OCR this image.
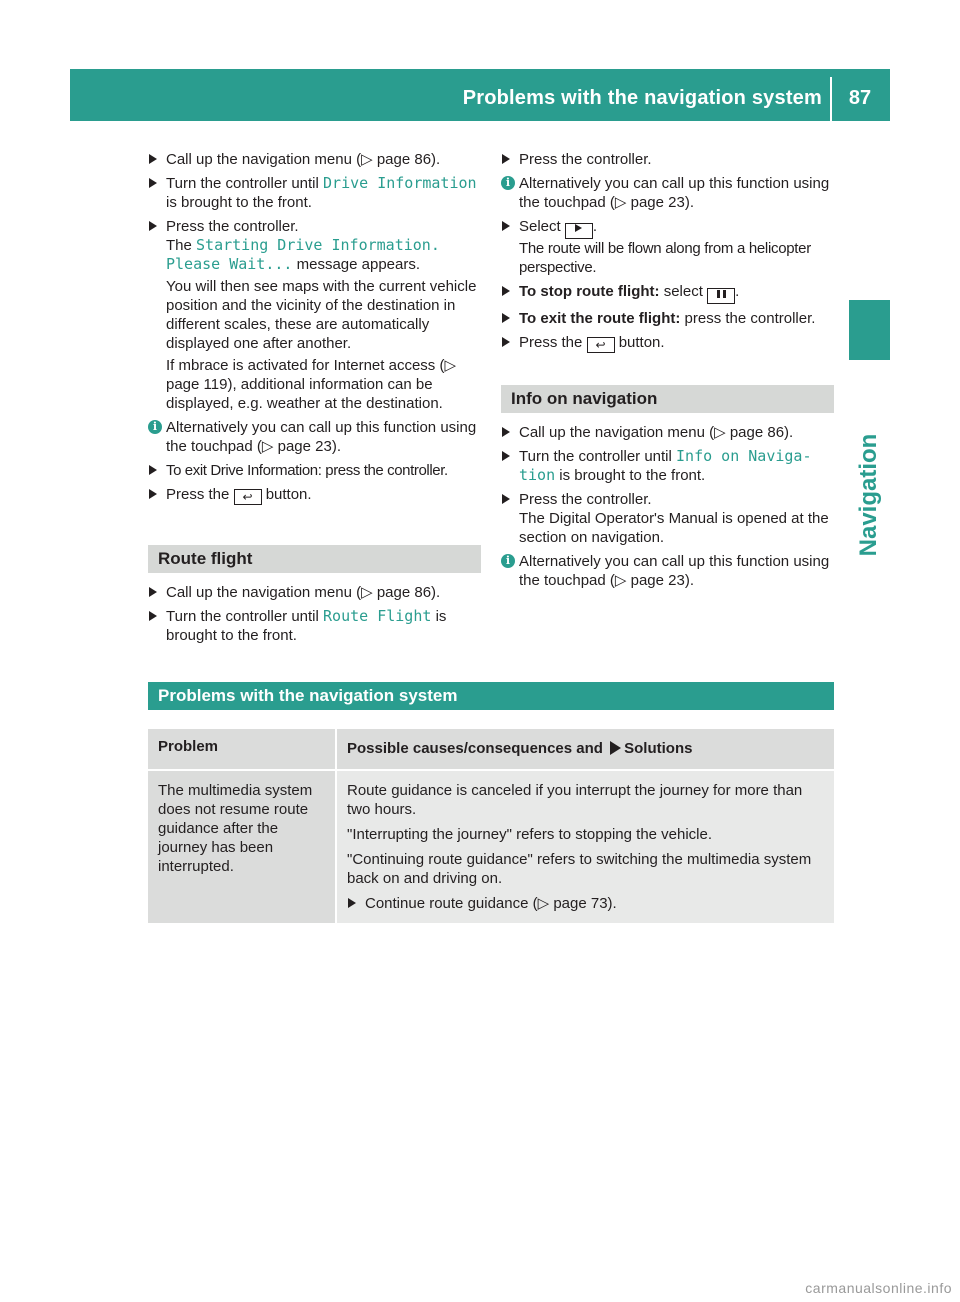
Problems with the navigation system	87
Navigation
Call up the navigation menu (▷ page 86).
Turn the controller until Drive Information
is brought to the front.
Press the controller.
The Starting Drive Information.
Please Wait... message appears.
You will then see maps with the current vehicle position and the vicinity of the destination in different scales, these are automatically displayed one after another.
If mbrace is activated for Internet access (▷ page 119), additional information can be displayed, e.g. weather at the destination.
i Alternatively you can call up this function using the touchpad (▷ page 23).
To exit Drive Information: press the controller.
Press the ↩ button.
Route flight
Call up the navigation menu (▷ page 86).
Turn the controller until Route Flight is brought to the front.
Press the controller.
i Alternatively you can call up this function using the touchpad (▷ page 23).
Select .
The route will be flown along from a helicopter perspective.
To stop route flight: select .
To exit the route flight: press the controller.
Press the ↩ button.
Info on navigation
Call up the navigation menu (▷ page 86).
Turn the controller until Info on Naviga‐
tion is brought to the front.
Press the controller.
The Digital Operator's Manual is opened at the section on navigation.
i Alternatively you can call up this function using the touchpad (▷ page 23).
Problems with the navigation system
Problem	Possible causes/consequences and Solutions
The multimedia system does not resume route guidance after the journey has been interrupted.	Route guidance is canceled if you interrupt the journey for more than two hours.
"Interrupting the journey" refers to stopping the vehicle.
"Continuing route guidance" refers to switching the multimedia system back on and driving on.
Continue route guidance (▷ page 73).
carmanualsonline.info
